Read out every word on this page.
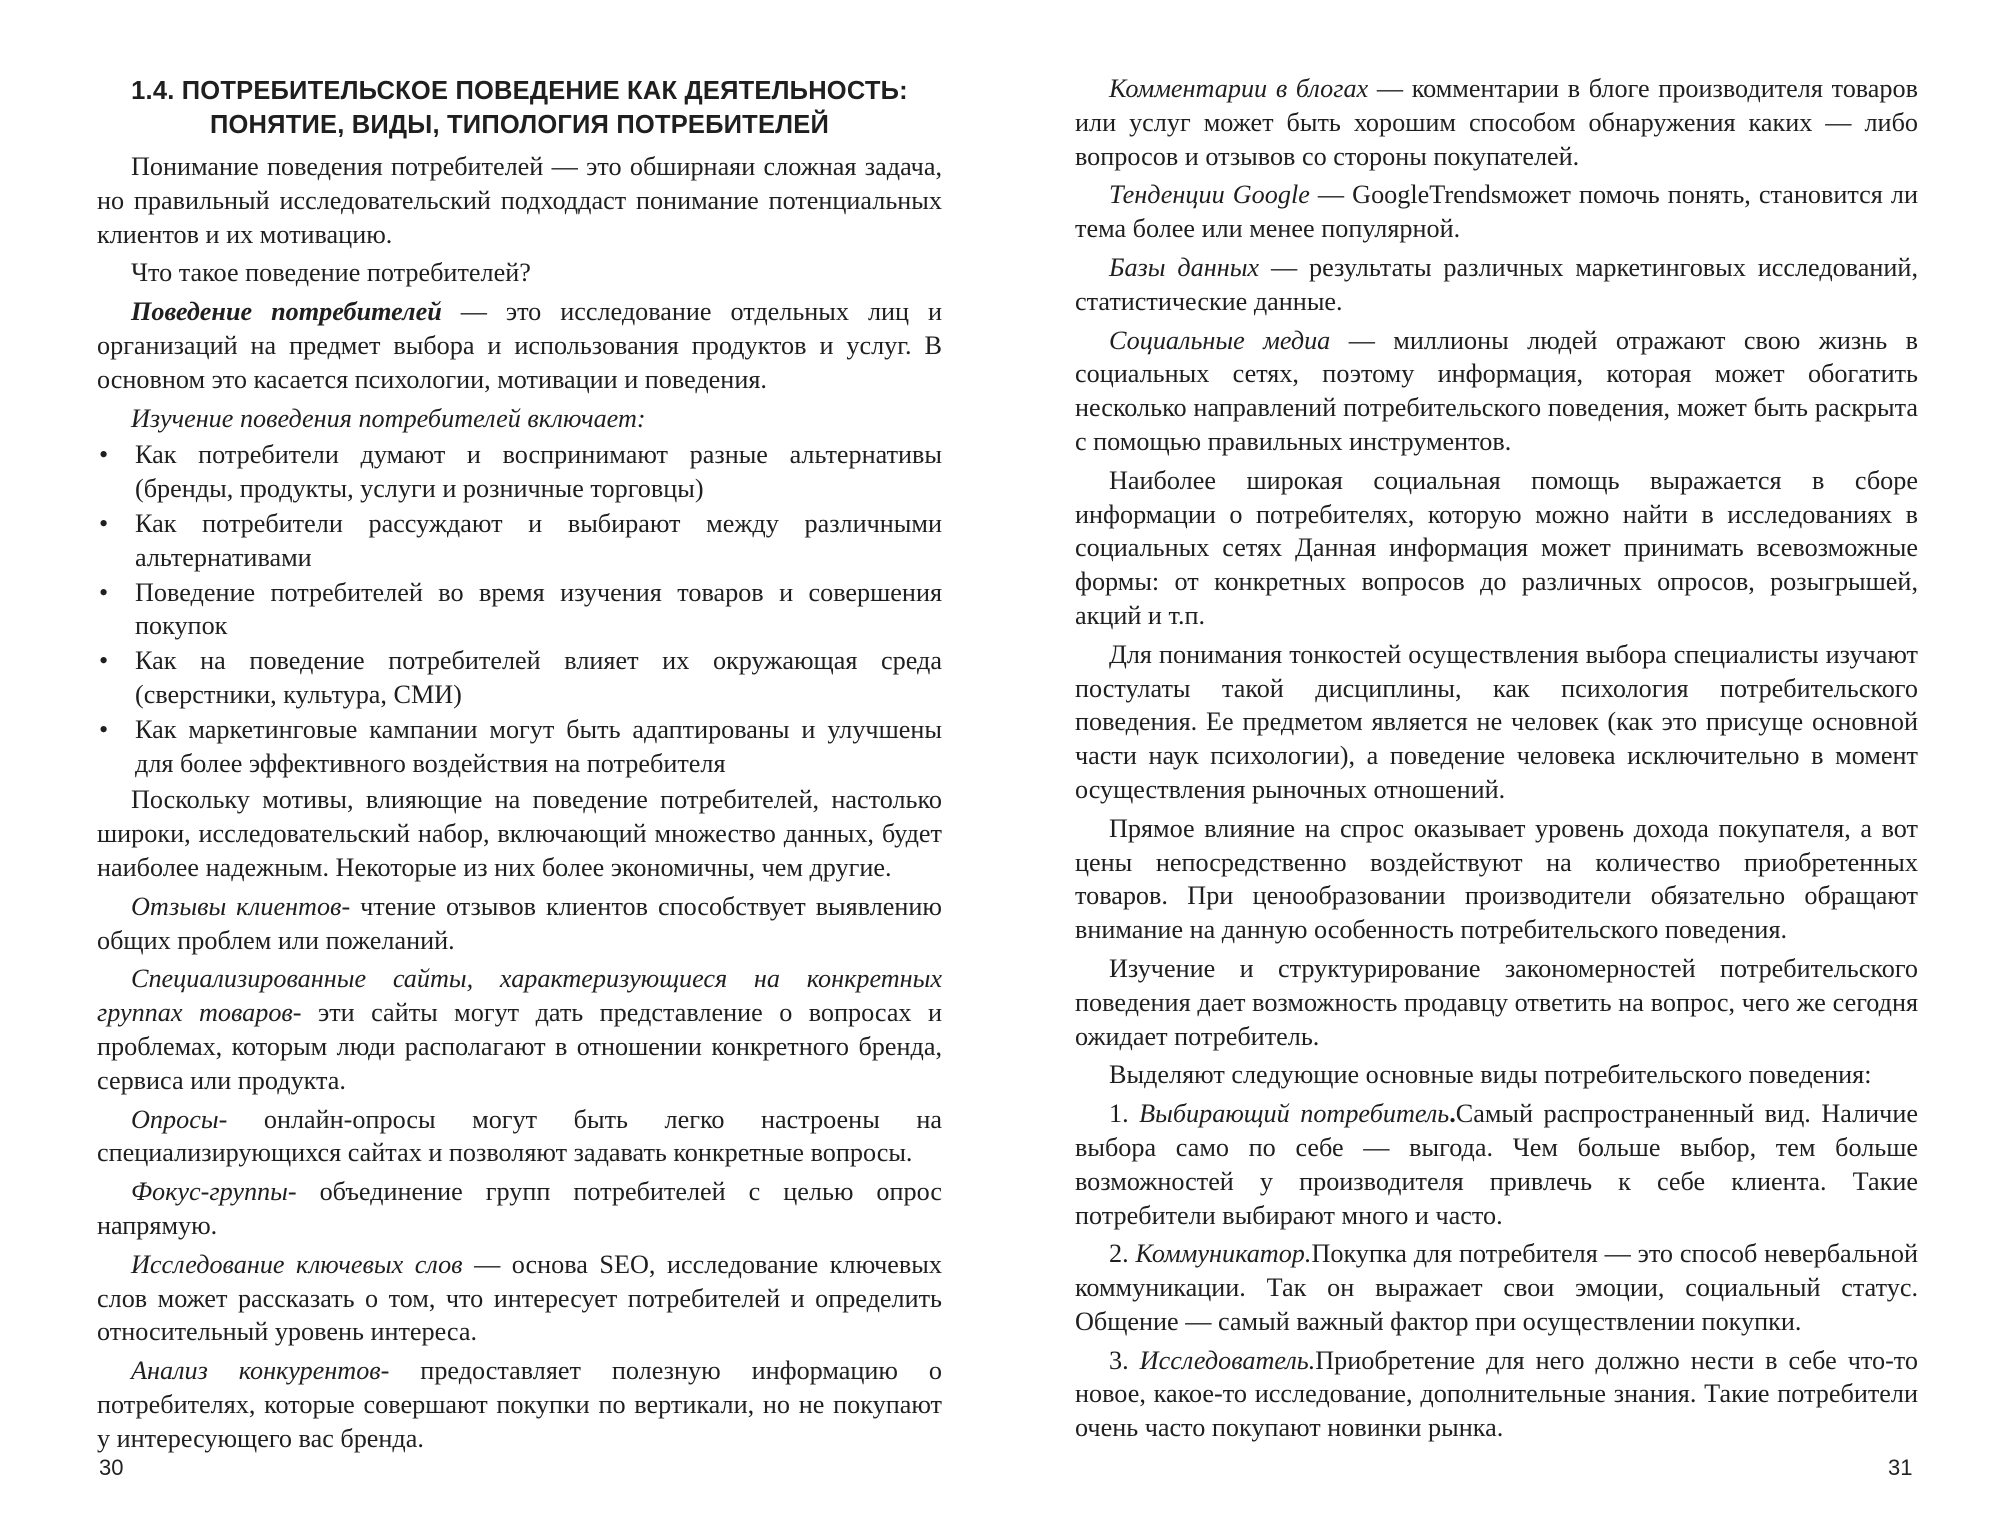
1.4. ПОТРЕБИТЕЛЬСКОЕ ПОВЕДЕНИЕ КАК ДЕЯТЕЛЬНОСТЬ:
ПОНЯТИЕ, ВИДЫ, ТИПОЛОГИЯ ПОТРЕБИТЕЛЕЙ

Понимание поведения потребителей — это обширнаяи сложная задача, но правильный исследовательский подходдаст понимание потенциальных клиентов и их мотивацию.

Что такое поведение потребителей?

Поведение потребителей — это исследование отдельных лиц и организаций на предмет выбора и использования продуктов и услуг. В основном это касается психологии, мотивации и поведения.

Изучение поведения потребителей включает:

• Как потребители думают и воспринимают разные альтернативы (бренды, продукты, услуги и розничные торговцы)
• Как потребители рассуждают и выбирают между различными альтернативами
• Поведение потребителей во время изучения товаров и совершения покупок
• Как на поведение потребителей влияет их окружающая среда (сверстники, культура, СМИ)
• Как маркетинговые кампании могут быть адаптированы и улучшены для более эффективного воздействия на потребителя

Поскольку мотивы, влияющие на поведение потребителей, настолько широки, исследовательский набор, включающий множество данных, будет наиболее надежным. Некоторые из них более экономичны, чем другие.

Отзывы клиентов- чтение отзывов клиентов способствует выявлению общих проблем или пожеланий.

Специализированные сайты, характеризующиеся на конкретных группах товаров- эти сайты могут дать представление о вопросах и проблемах, которым люди располагают в отношении конкретного бренда, сервиса или продукта.

Опросы- онлайн-опросы могут быть легко настроены на специализирующихся сайтах и позволяют задавать конкретные вопросы.

Фокус-группы- объединение групп потребителей с целью опрос напрямую.

Исследование ключевых слов — основа SEO, исследование ключевых слов может рассказать о том, что интересует потребителей и определить относительный уровень интереса.

Анализ конкурентов- предоставляет полезную информацию о потребителях, которые совершают покупки по вертикали, но не покупают у интересующего вас бренда.

30

Комментарии в блогах — комментарии в блоге производителя товаров или услуг может быть хорошим способом обнаружения каких — либо вопросов и отзывов со стороны покупателей.

Тенденции Google — GoogleTrendsможет помочь понять, становится ли тема более или менее популярной.

Базы данных — результаты различных маркетинговых исследований, статистические данные.

Социальные медиа — миллионы людей отражают свою жизнь в социальных сетях, поэтому информация, которая может обогатить несколько направлений потребительского поведения, может быть раскрыта с помощью правильных инструментов.

Наиболее широкая социальная помощь выражается в сборе информации о потребителях, которую можно найти в исследованиях в социальных сетях Данная информация может принимать всевозможные формы: от конкретных вопросов до различных опросов, розыгрышей, акций и т.п.

Для понимания тонкостей осуществления выбора специалисты изучают постулаты такой дисциплины, как психология потребительского поведения. Ее предметом является не человек (как это присуще основной части наук психологии), а поведение человека исключительно в момент осуществления рыночных отношений.

Прямое влияние на спрос оказывает уровень дохода покупателя, а вот цены непосредственно воздействуют на количество приобретенных товаров. При ценообразовании производители обязательно обращают внимание на данную особенность потребительского поведения.

Изучение и структурирование закономерностей потребительского поведения дает возможность продавцу ответить на вопрос, чего же сегодня ожидает потребитель.

Выделяют следующие основные виды потребительского поведения:

1. Выбирающий потребитель.Самый распространенный вид. Наличие выбора само по себе — выгода. Чем больше выбор, тем больше возможностей у производителя привлечь к себе клиента. Такие потребители выбирают много и часто.

2. Коммуникатор.Покупка для потребителя — это способ невербальной коммуникации. Так он выражает свои эмоции, социальный статус. Общение — самый важный фактор при осуществлении покупки.

3. Исследователь.Приобретение для него должно нести в себе что-то новое, какое-то исследование, дополнительные знания. Такие потребители очень часто покупают новинки рынка.

31
